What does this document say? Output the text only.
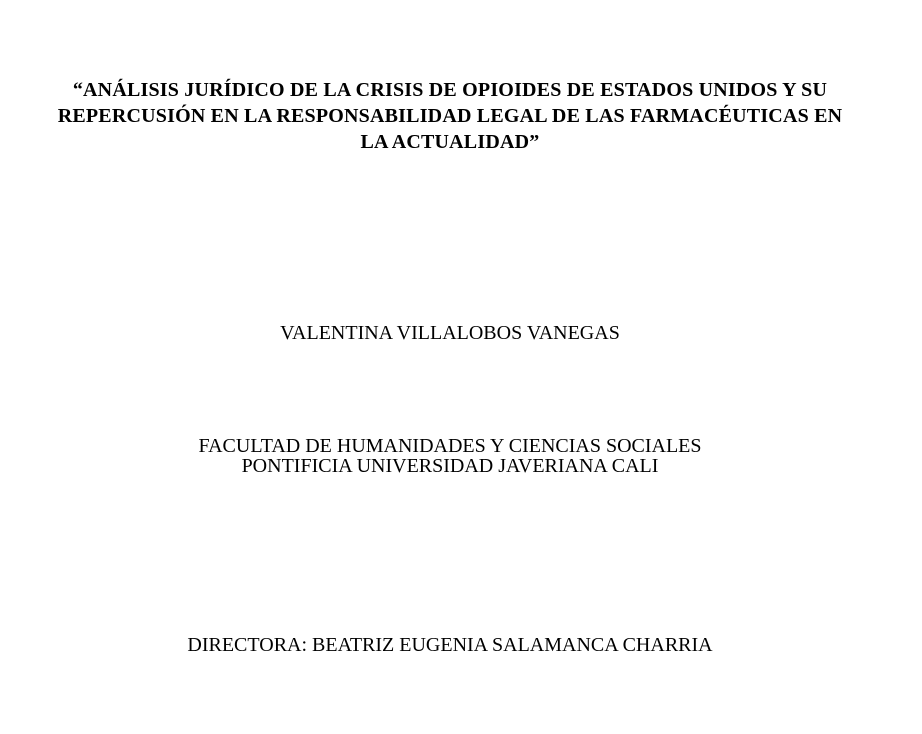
“ANÁLISIS JURÍDICO DE LA CRISIS DE OPIOIDES DE ESTADOS UNIDOS Y SU
REPERCUSIÓN EN LA RESPONSABILIDAD LEGAL DE LAS FARMACÉUTICAS EN
LA ACTUALIDAD”
VALENTINA VILLALOBOS VANEGAS
FACULTAD DE HUMANIDADES Y CIENCIAS SOCIALES
PONTIFICIA UNIVERSIDAD JAVERIANA CALI
DIRECTORA: BEATRIZ EUGENIA SALAMANCA CHARRIA
